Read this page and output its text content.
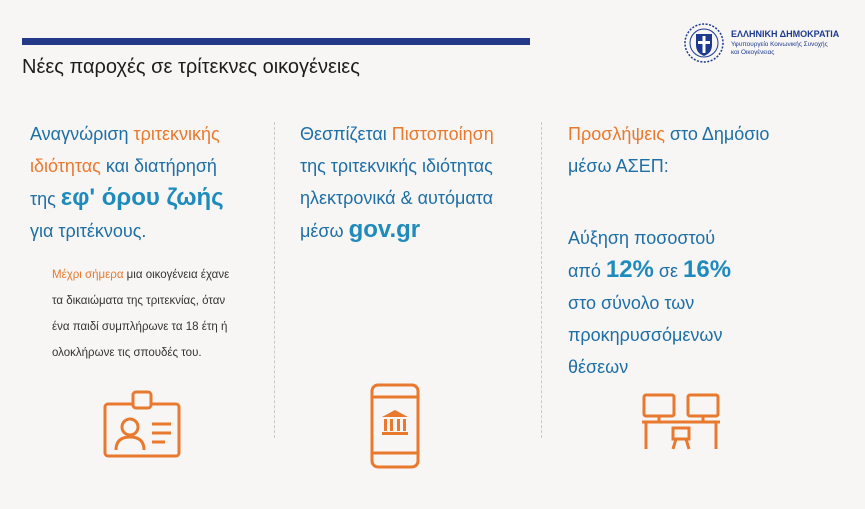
Νέες παροχές σε τρίτεκνες οικογένειες
ΕΛΛΗΝΙΚΗ ΔΗΜΟΚΡΑΤΙΑ
Υφυπουργείο Κοινωνικής Συνοχής
και Οικογένειας
Αναγνώριση τριτεκνικής
ιδιότητας και διατήρησή
της εφ' όρου ζωής
για τριτέκνους.
Μέχρι σήμερα μια οικογένεια έχανε
τα δικαιώματα της τριτεκνίας, όταν
ένα παιδί συμπλήρωνε τα 18 έτη ή
ολοκλήρωνε τις σπουδές του.
Θεσπίζεται Πιστοποίηση
της τριτεκνικής ιδιότητας
ηλεκτρονικά & αυτόματα
μέσω gov.gr
Προσλήψεις στο Δημόσιο
μέσω ΑΣΕΠ:
Αύξηση ποσοστού
από 12% σε 16%
στο σύνολο των
προκηρυσσόμενων
θέσεων
